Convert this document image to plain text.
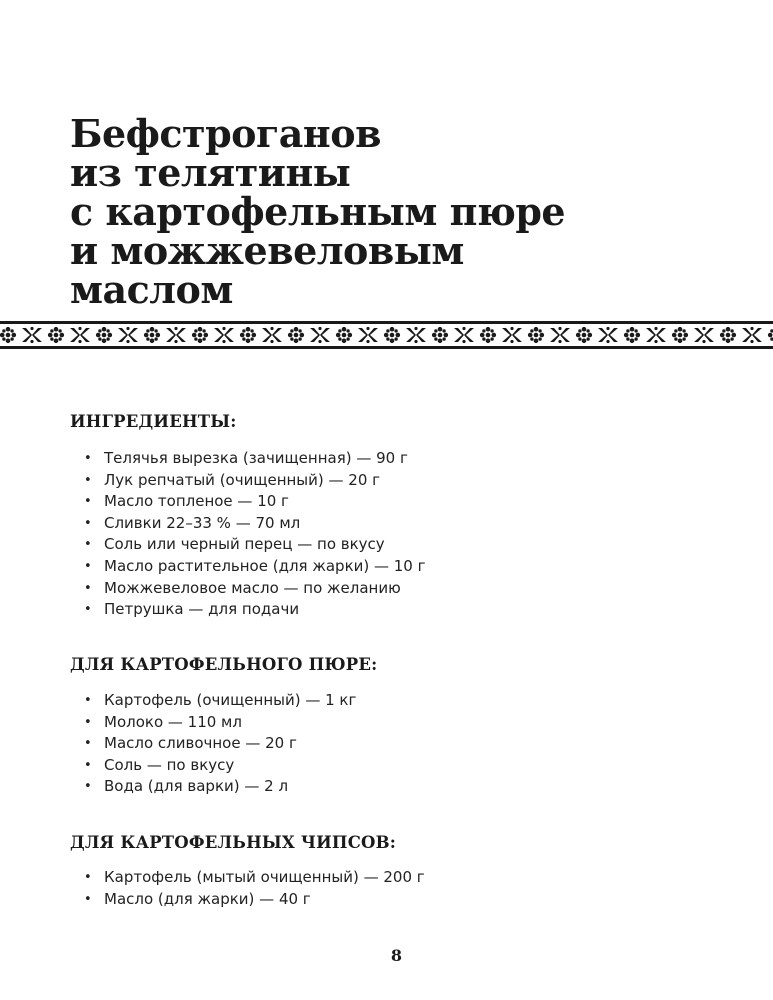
Бефстроганов
из телятины
с картофельным пюре
и можжевеловым
маслом
ИНГРЕДИЕНТЫ:
• Телячья вырезка (зачищенная) — 90 г
• Лук репчатый (очищенный) — 20 г
• Масло топленое — 10 г
• Сливки 22–33 % — 70 мл
• Соль или черный перец — по вкусу
• Масло растительное (для жарки) — 10 г
• Можжевеловое масло — по желанию
• Петрушка — для подачи
ДЛЯ КАРТОФЕЛЬНОГО ПЮРЕ:
• Картофель (очищенный) — 1 кг
• Молоко — 110 мл
• Масло сливочное — 20 г
• Соль — по вкусу
• Вода (для варки) — 2 л
ДЛЯ КАРТОФЕЛЬНЫХ ЧИПСОВ:
• Картофель (мытый очищенный) — 200 г
• Масло (для жарки) — 40 г
8
